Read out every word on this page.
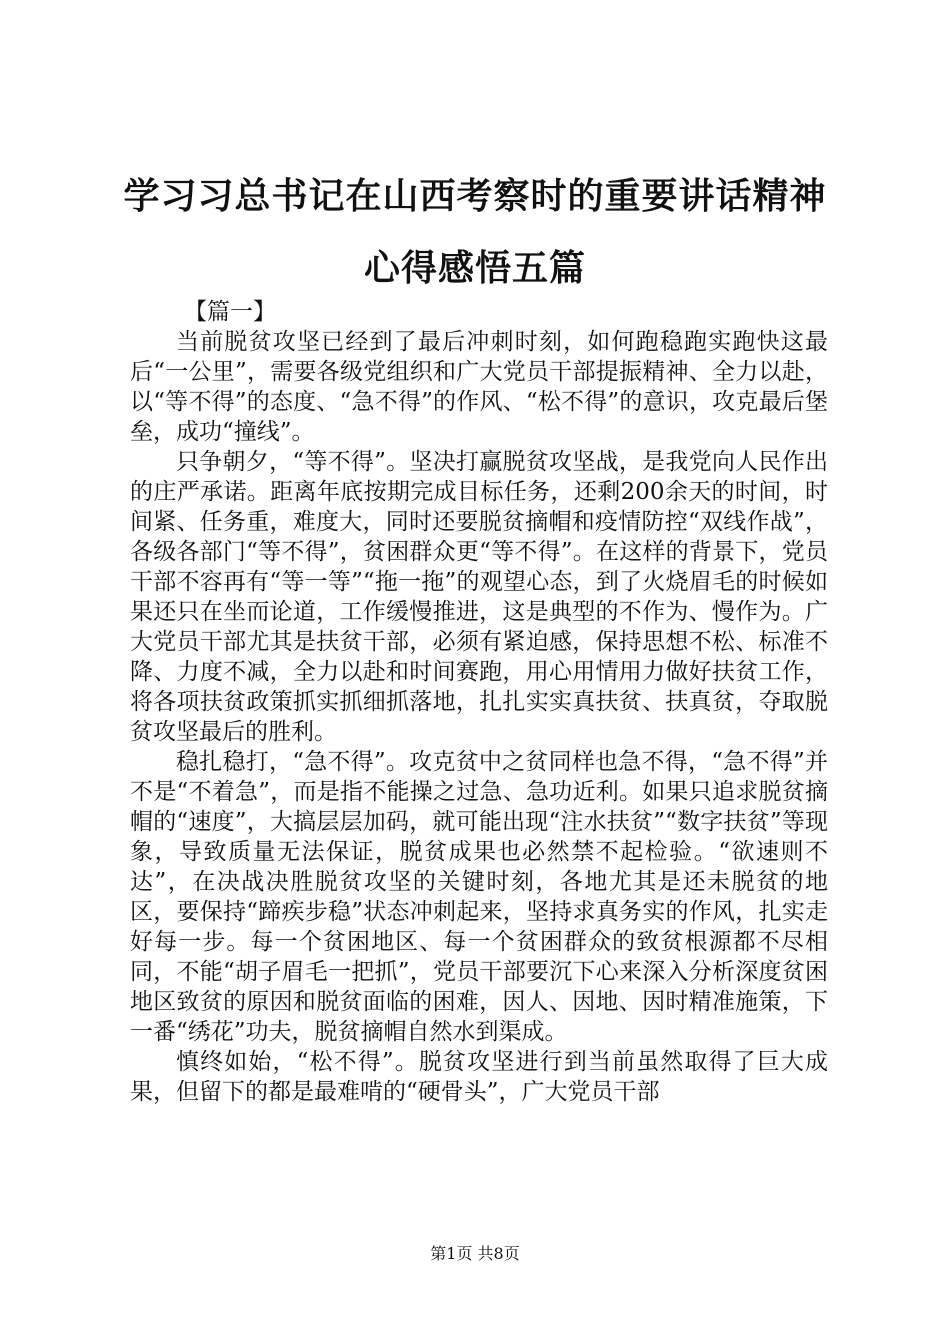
学习习总书记在山西考察时的重要讲话精神心得感悟五篇

【篇一】

当前脱贫攻坚已经到了最后冲刺时刻，如何跑稳跑实跑快这最后“一公里”，需要各级党组织和广大党员干部提振精神、全力以赴，以“等不得”的态度、“急不得”的作风、“松不得”的意识，攻克最后堡垒，成功“撞线”。

只争朝夕，“等不得”。坚决打赢脱贫攻坚战，是我党向人民作出的庄严承诺。距离年底按期完成目标任务，还剩200余天的时间，时间紧、任务重，难度大，同时还要脱贫摘帽和疫情防控“双线作战”，各级各部门“等不得”，贫困群众更“等不得”。在这样的背景下，党员干部不容再有“等一等”“拖一拖”的观望心态，到了火烧眉毛的时候如果还只在坐而论道，工作缓慢推进，这是典型的不作为、慢作为。广大党员干部尤其是扶贫干部，必须有紧迫感，保持思想不松、标准不降、力度不减，全力以赴和时间赛跑，用心用情用力做好扶贫工作，将各项扶贫政策抓实抓细抓落地，扎扎实实真扶贫、扶真贫，夺取脱贫攻坚最后的胜利。

稳扎稳打，“急不得”。攻克贫中之贫同样也急不得，“急不得”并不是“不着急”，而是指不能操之过急、急功近利。如果只追求脱贫摘帽的“速度”，大搞层层加码，就可能出现“注水扶贫”“数字扶贫”等现象，导致质量无法保证，脱贫成果也必然禁不起检验。“欲速则不达”，在决战决胜脱贫攻坚的关键时刻，各地尤其是还未脱贫的地区，要保持“蹄疾步稳”状态冲刺起来，坚持求真务实的作风，扎实走好每一步。每一个贫困地区、每一个贫困群众的致贫根源都不尽相同，不能“胡子眉毛一把抓”，党员干部要沉下心来深入分析深度贫困地区致贫的原因和脱贫面临的困难，因人、因地、因时精准施策，下一番“绣花”功夫，脱贫摘帽自然水到渠成。

慎终如始，“松不得”。脱贫攻坚进行到当前虽然取得了巨大成果，但留下的都是最难啃的“硬骨头”，广大党员干部

第1页 共8页
